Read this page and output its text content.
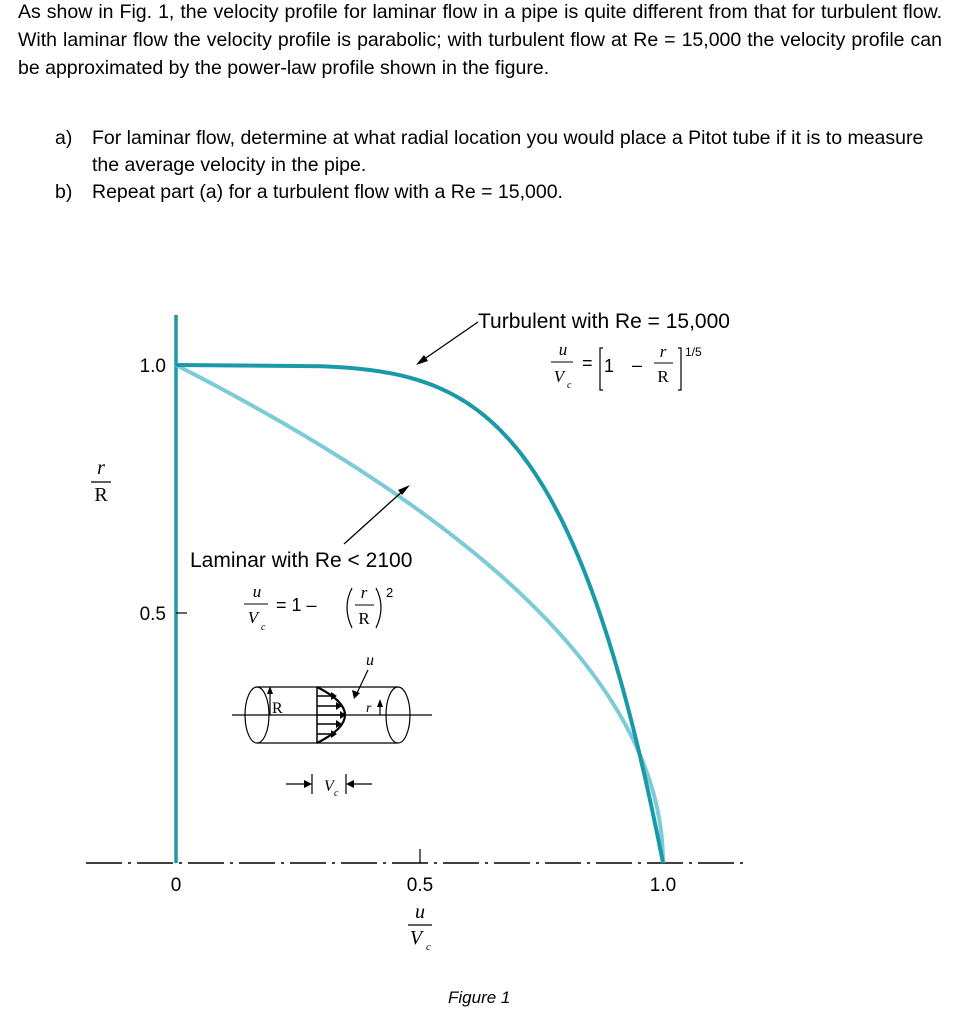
As show in Fig. 1, the velocity profile for laminar flow in a pipe is quite different from that for turbulent flow. With laminar flow the velocity profile is parabolic; with turbulent flow at Re = 15,000 the velocity profile can be approximated by the power-law profile shown in the figure.

a) For laminar flow, determine at what radial location you would place a Pitot tube if it is to measure the average velocity in the pipe.
b) Repeat part (a) for a turbulent flow with a Re = 15,000.
1.0
0.5
r
R
0	0.5	1.0
u
V c
Turbulent with Re = 15,000
u
V c
= 1 –
r
R
1/5
Laminar with Re < 2100
u
V
c
= 1 –
r
R
2
R	r
u
V c
Figure 1
